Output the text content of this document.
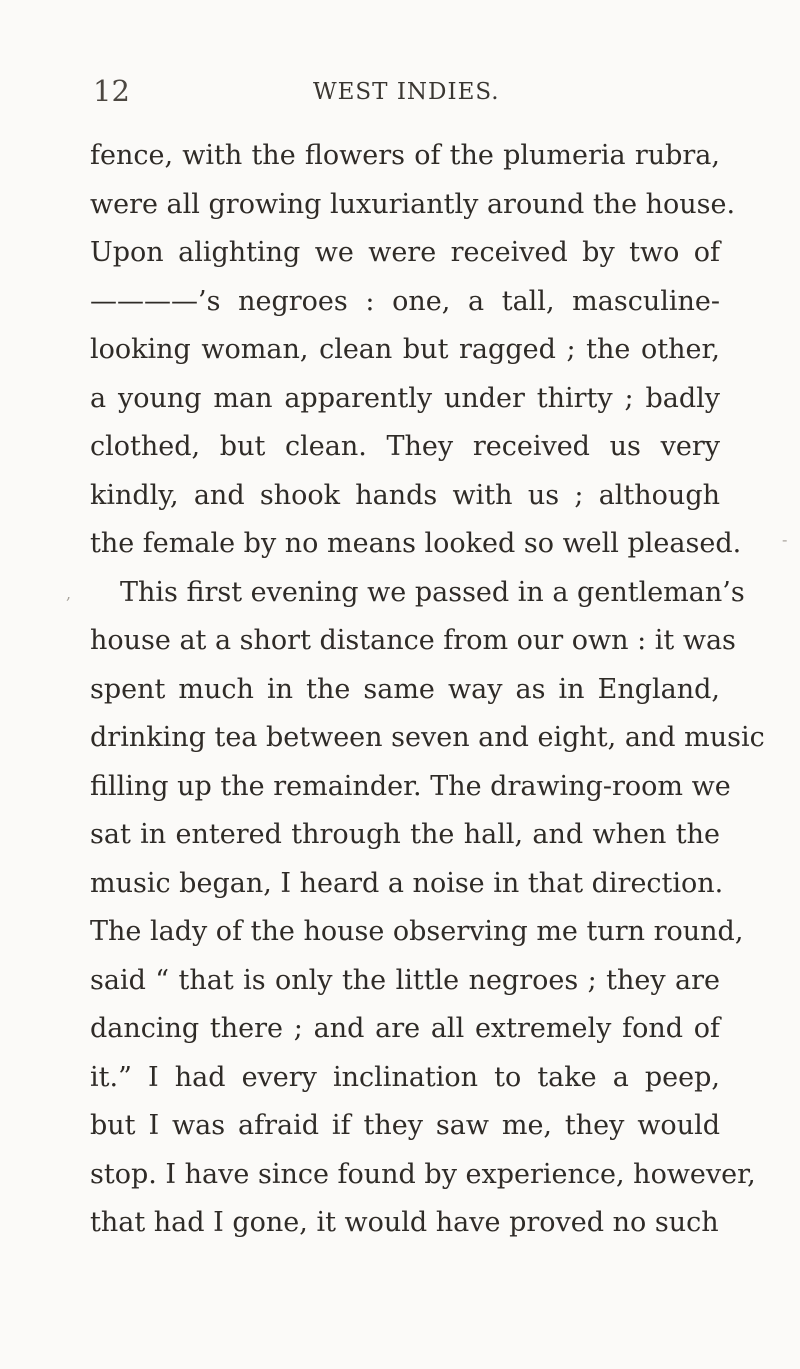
12	WEST INDIES.
fence, with the flowers of the plumeria rubra,
were all growing luxuriantly around the house.
Upon alighting we were received by two of
————’s negroes : one, a tall, masculine-
looking woman, clean but ragged ; the other,
a young man apparently under thirty ; badly
clothed, but clean. They received us very
kindly, and shook hands with us ; although
the female by no means looked so well pleased.
This first evening we passed in a gentleman’s
house at a short distance from our own : it was
spent much in the same way as in England,
drinking tea between seven and eight, and music
filling up the remainder. The drawing-room we
sat in entered through the hall, and when the
music began, I heard a noise in that direction.
The lady of the house observing me turn round,
said “ that is only the little negroes ; they are
dancing there ; and are all extremely fond of
it.” I had every inclination to take a peep,
but I was afraid if they saw me, they would
stop. I have since found by experience, however,
that had I gone, it would have proved no such
,
-
